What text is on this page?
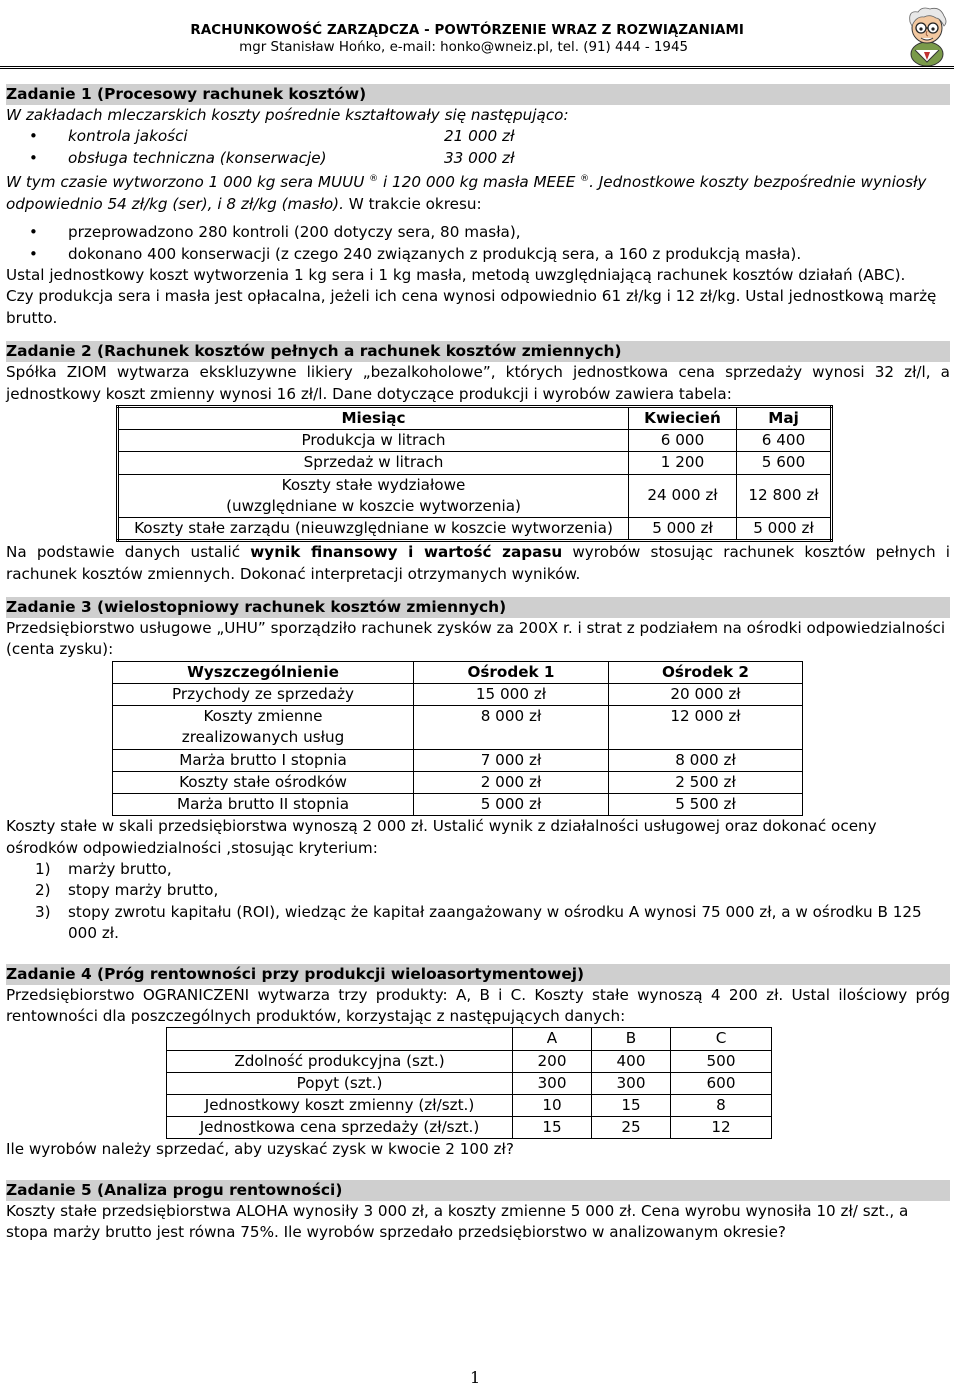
RACHUNKOWOŚĆ ZARZĄDCZA - POWTÓRZENIE WRAZ Z ROZWIĄZANIAMI
mgr Stanisław Hońko, e-mail: honko@wneiz.pl, tel. (91) 444 - 1945
Zadanie 1 (Procesowy rachunek kosztów)

W zakładach mleczarskich koszty pośrednie kształtowały się następująco:

• kontrola jakości	21 000 zł
• obsługa techniczna (konserwacje)	33 000 zł

W tym czasie wytworzono 1 000 kg sera MUUU ® i 120 000 kg masła MEEE ®. Jednostkowe koszty bezpośrednie wyniosły odpowiednio 54 zł/kg (ser), i 8 zł/kg (masło). W trakcie okresu:

• przeprowadzono 280 kontroli (200 dotyczy sera, 80 masła),
• dokonano 400 konserwacji (z czego 240 związanych z produkcją sera, a 160 z produkcją masła).

Ustal jednostkowy koszt wytworzenia 1 kg sera i 1 kg masła, metodą uwzględniającą rachunek kosztów działań (ABC).

Czy produkcja sera i masła jest opłacalna, jeżeli ich cena wynosi odpowiednio 61 zł/kg i 12 zł/kg. Ustal jednostkową marżę brutto.

Zadanie 2 (Rachunek kosztów pełnych a rachunek kosztów zmiennych)

Spółka ZIOM wytwarza ekskluzywne likiery „bezalkoholowe”, których jednostkowa cena sprzedaży wynosi 32 zł/l, a jednostkowy koszt zmienny wynosi 16 zł/l. Dane dotyczące produkcji i wyrobów zawiera tabela:

Miesiąc	Kwiecień	Maj
Produkcja w litrach	6 000	6 400
Sprzedaż w litrach	1 200	5 600

Koszty stałe wydziałowe
(uwzględniane w koszcie wytworzenia)	24 000 zł	12 800 zł
Koszty stałe zarządu (nieuwzględniane w koszcie wytworzenia)	5 000 zł	5 000 zł

Na podstawie danych ustalić wynik finansowy i wartość zapasu wyrobów stosując rachunek kosztów pełnych i rachunek kosztów zmiennych. Dokonać interpretacji otrzymanych wyników.

Zadanie 3 (wielostopniowy rachunek kosztów zmiennych)

Przedsiębiorstwo usługowe „UHU” sporządziło rachunek zysków za 200X r. i strat z podziałem na ośrodki odpowiedzialności (centa zysku):

Wyszczególnienie	Ośrodek 1	Ośrodek 2
Przychody ze sprzedaży	15 000 zł	20 000 zł
Koszty zmienne zrealizowanych usług	8 000 zł	12 000 zł
Marża brutto I stopnia	7 000 zł	8 000 zł
Koszty stałe ośrodków	2 000 zł	2 500 zł
Marża brutto II stopnia	5 000 zł	5 500 zł

Koszty stałe w skali przedsiębiorstwa wynoszą 2 000 zł. Ustalić wynik z działalności usługowej oraz dokonać oceny ośrodków odpowiedzialności ,stosując kryterium:

1) marży brutto,
2) stopy marży brutto,
3) stopy zwrotu kapitału (ROI), wiedząc że kapitał zaangażowany w ośrodku A wynosi 75 000 zł, a w ośrodku B 125 000 zł.
Zadanie 4 (Próg rentowności przy produkcji wieloasortymentowej)

Przedsiębiorstwo OGRANICZENI wytwarza trzy produkty: A, B i C. Koszty stałe wynoszą 4 200 zł. Ustal ilościowy próg rentowności dla poszczególnych produktów, korzystając z następujących danych:

	A	B	C
Zdolność produkcyjna (szt.)	200	400	500
Popyt (szt.)	300	300	600
Jednostkowy koszt zmienny (zł/szt.)	10	15	8
Jednostkowa cena sprzedaży (zł/szt.)	15	25	12

Ile wyrobów należy sprzedać, aby uzyskać zysk w kwocie 2 100 zł?

Zadanie 5 (Analiza progu rentowności)

Koszty stałe przedsiębiorstwa ALOHA wynosiły 3 000 zł, a koszty zmienne 5 000 zł. Cena wyrobu wynosiła 10 zł/ szt., a stopa marży brutto jest równa 75%. Ile wyrobów sprzedało przedsiębiorstwo w analizowanym okresie?

1
